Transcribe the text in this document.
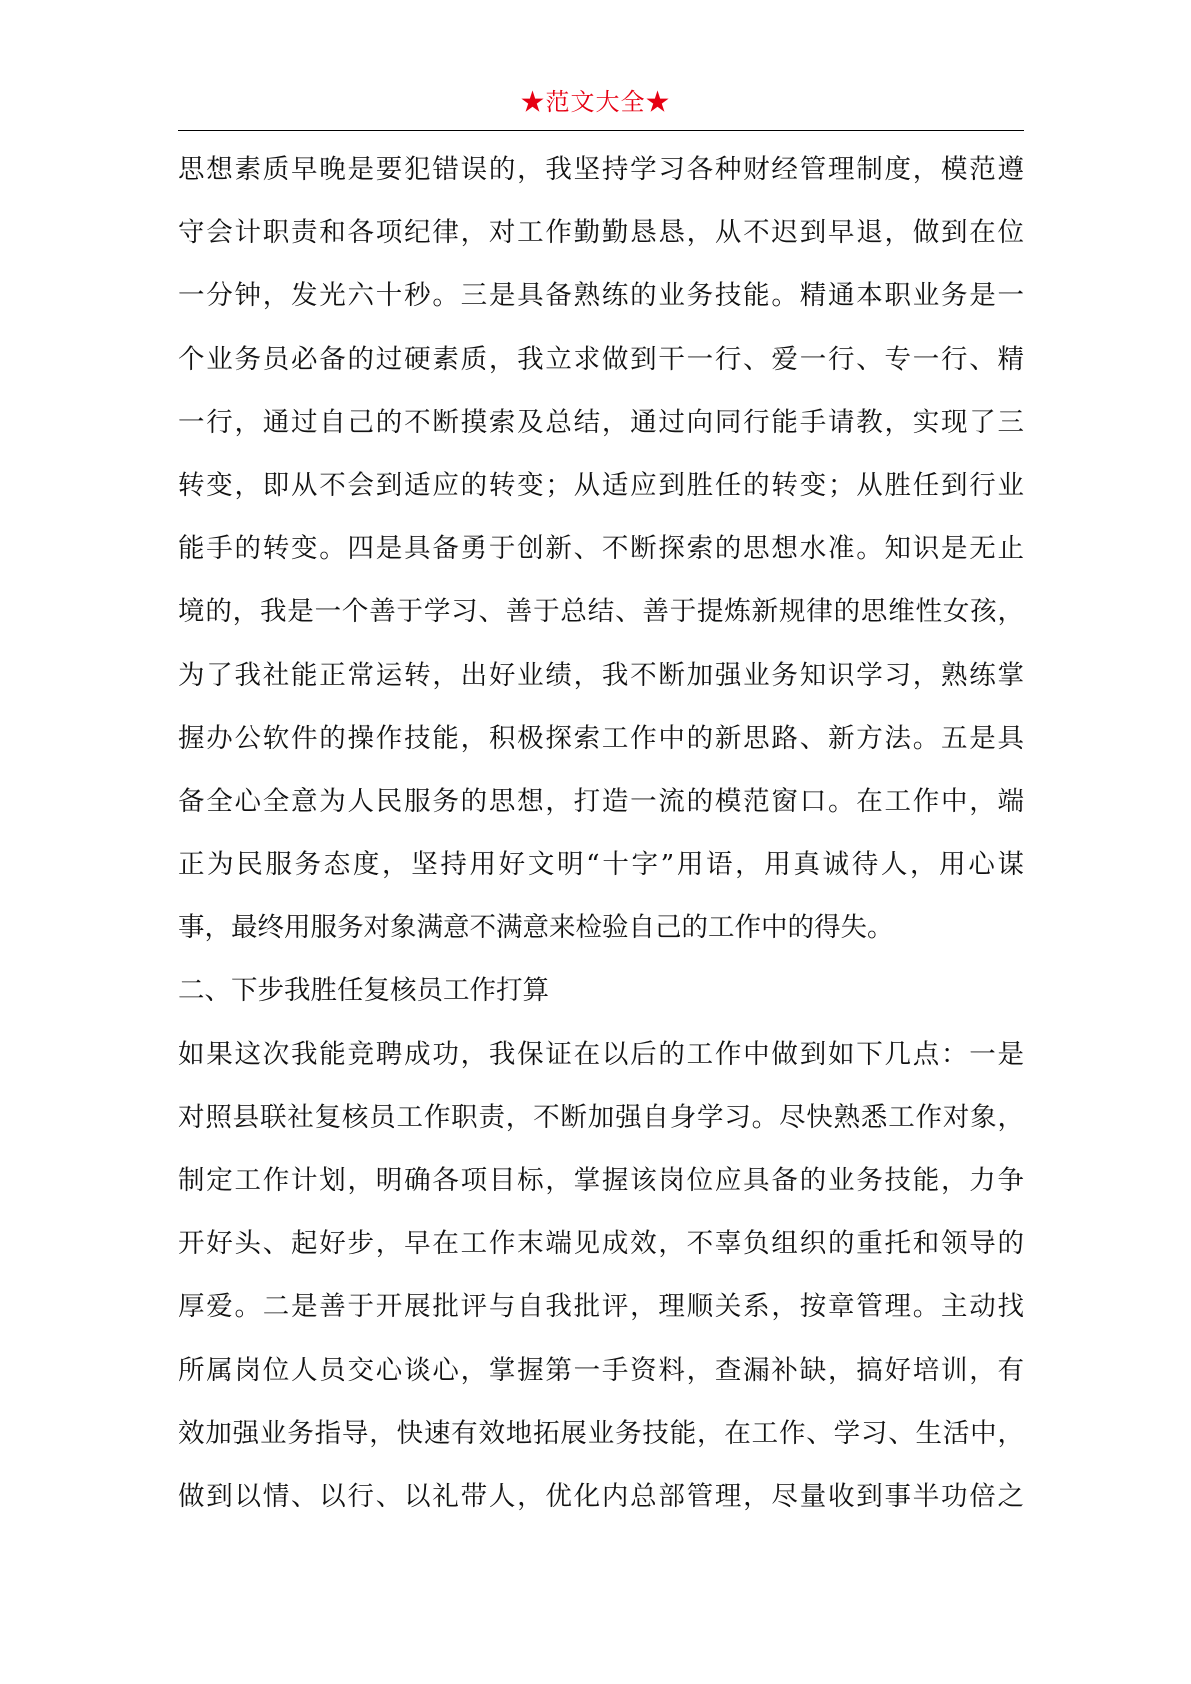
★范文大全★
思想素质早晚是要犯错误的，我坚持学习各种财经管理制度，模范遵
守会计职责和各项纪律，对工作勤勤恳恳，从不迟到早退，做到在位
一分钟，发光六十秒。三是具备熟练的业务技能。精通本职业务是一
个业务员必备的过硬素质，我立求做到干一行、爱一行、专一行、精
一行，通过自己的不断摸索及总结，通过向同行能手请教，实现了三
转变，即从不会到适应的转变；从适应到胜任的转变；从胜任到行业
能手的转变。四是具备勇于创新、不断探索的思想水准。知识是无止
境的，我是一个善于学习、善于总结、善于提炼新规律的思维性女孩，
为了我社能正常运转，出好业绩，我不断加强业务知识学习，熟练掌
握办公软件的操作技能，积极探索工作中的新思路、新方法。五是具
备全心全意为人民服务的思想，打造一流的模范窗口。在工作中，端
正为民服务态度，坚持用好文明“十字”用语，用真诚待人，用心谋
事，最终用服务对象满意不满意来检验自己的工作中的得失。
二、下步我胜任复核员工作打算
如果这次我能竞聘成功，我保证在以后的工作中做到如下几点：一是
对照县联社复核员工作职责，不断加强自身学习。尽快熟悉工作对象，
制定工作计划，明确各项目标，掌握该岗位应具备的业务技能，力争
开好头、起好步，早在工作末端见成效，不辜负组织的重托和领导的
厚爱。二是善于开展批评与自我批评，理顺关系，按章管理。主动找
所属岗位人员交心谈心，掌握第一手资料，查漏补缺，搞好培训，有
效加强业务指导，快速有效地拓展业务技能，在工作、学习、生活中，
做到以情、以行、以礼带人，优化内总部管理，尽量收到事半功倍之
